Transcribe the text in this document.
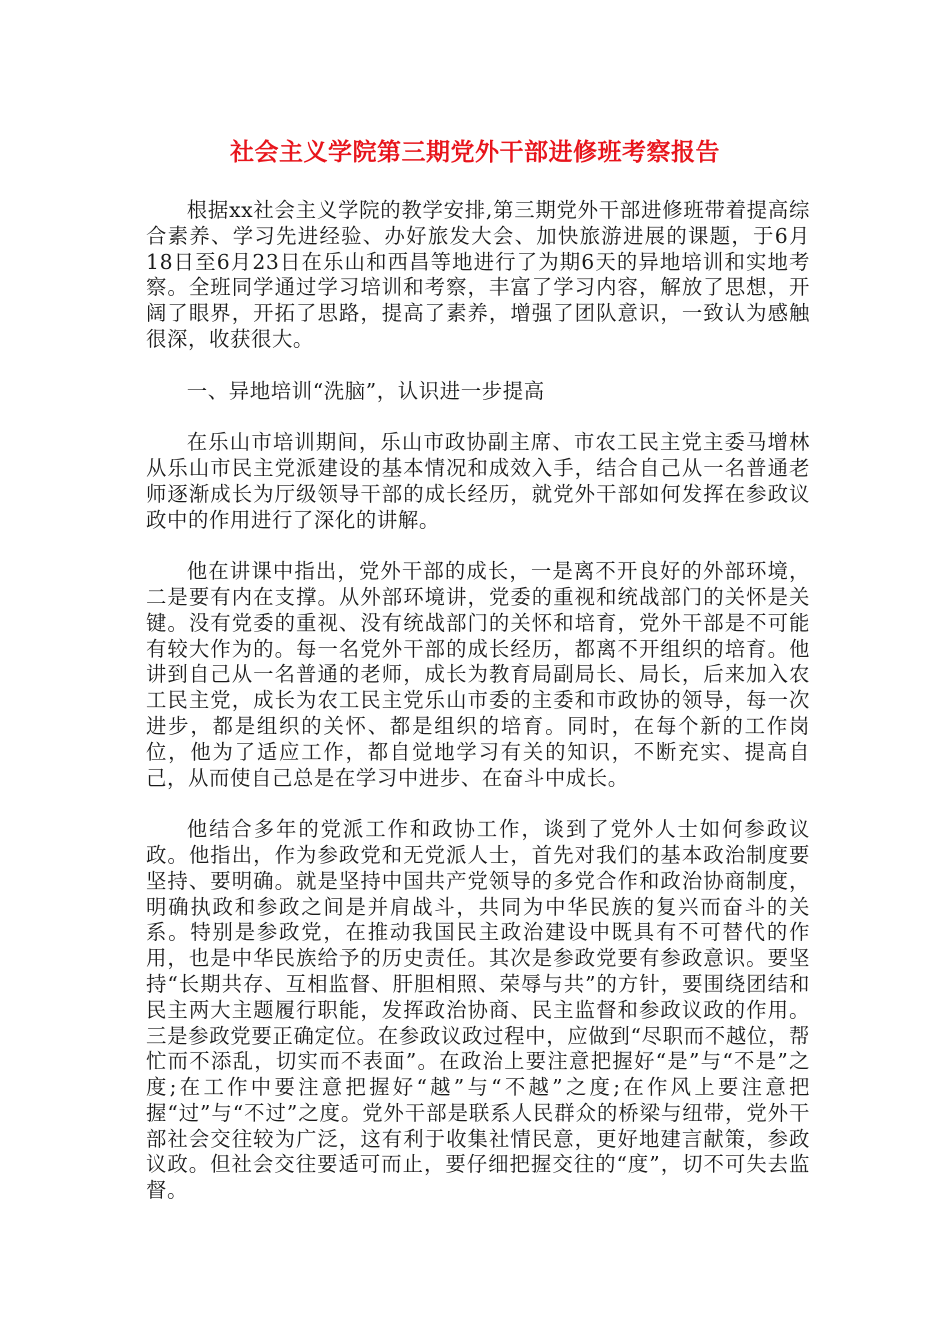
社会主义学院第三期党外干部进修班考察报告

根据xx社会主义学院的教学安排,第三期党外干部进修班带着提高综合素养、学习先进经验、办好旅发大会、加快旅游进展的课题，于6月18日至6月23日在乐山和西昌等地进行了为期6天的异地培训和实地考察。全班同学通过学习培训和考察，丰富了学习内容，解放了思想，开阔了眼界，开拓了思路，提高了素养，增强了团队意识，一致认为感触很深，收获很大。

一、异地培训“洗脑”，认识进一步提高

在乐山市培训期间，乐山市政协副主席、市农工民主党主委马增林从乐山市民主党派建设的基本情况和成效入手，结合自己从一名普通老师逐渐成长为厅级领导干部的成长经历，就党外干部如何发挥在参政议政中的作用进行了深化的讲解。

他在讲课中指出，党外干部的成长，一是离不开良好的外部环境，二是要有内在支撑。从外部环境讲，党委的重视和统战部门的关怀是关键。没有党委的重视、没有统战部门的关怀和培育，党外干部是不可能有较大作为的。每一名党外干部的成长经历，都离不开组织的培育。他讲到自己从一名普通的老师，成长为教育局副局长、局长，后来加入农工民主党，成长为农工民主党乐山市委的主委和市政协的领导，每一次进步，都是组织的关怀、都是组织的培育。同时，在每个新的工作岗位，他为了适应工作，都自觉地学习有关的知识，不断充实、提高自己，从而使自己总是在学习中进步、在奋斗中成长。

他结合多年的党派工作和政协工作，谈到了党外人士如何参政议政。他指出，作为参政党和无党派人士，首先对我们的基本政治制度要坚持、要明确。就是坚持中国共产党领导的多党合作和政治协商制度，明确执政和参政之间是并肩战斗，共同为中华民族的复兴而奋斗的关系。特别是参政党，在推动我国民主政治建设中既具有不可替代的作用，也是中华民族给予的历史责任。其次是参政党要有参政意识。要坚持“长期共存、互相监督、肝胆相照、荣辱与共”的方针，要围绕团结和民主两大主题履行职能，发挥政治协商、民主监督和参政议政的作用。三是参政党要正确定位。在参政议政过程中，应做到“尽职而不越位，帮忙而不添乱，切实而不表面”。在政治上要注意把握好“是”与“不是”之度;在工作中要注意把握好“越”与“不越”之度;在作风上要注意把握“过”与“不过”之度。党外干部是联系人民群众的桥梁与纽带，党外干部社会交往较为广泛，这有利于收集社情民意，更好地建言献策，参政议政。但社会交往要适可而止，要仔细把握交往的“度”，切不可失去监督。
